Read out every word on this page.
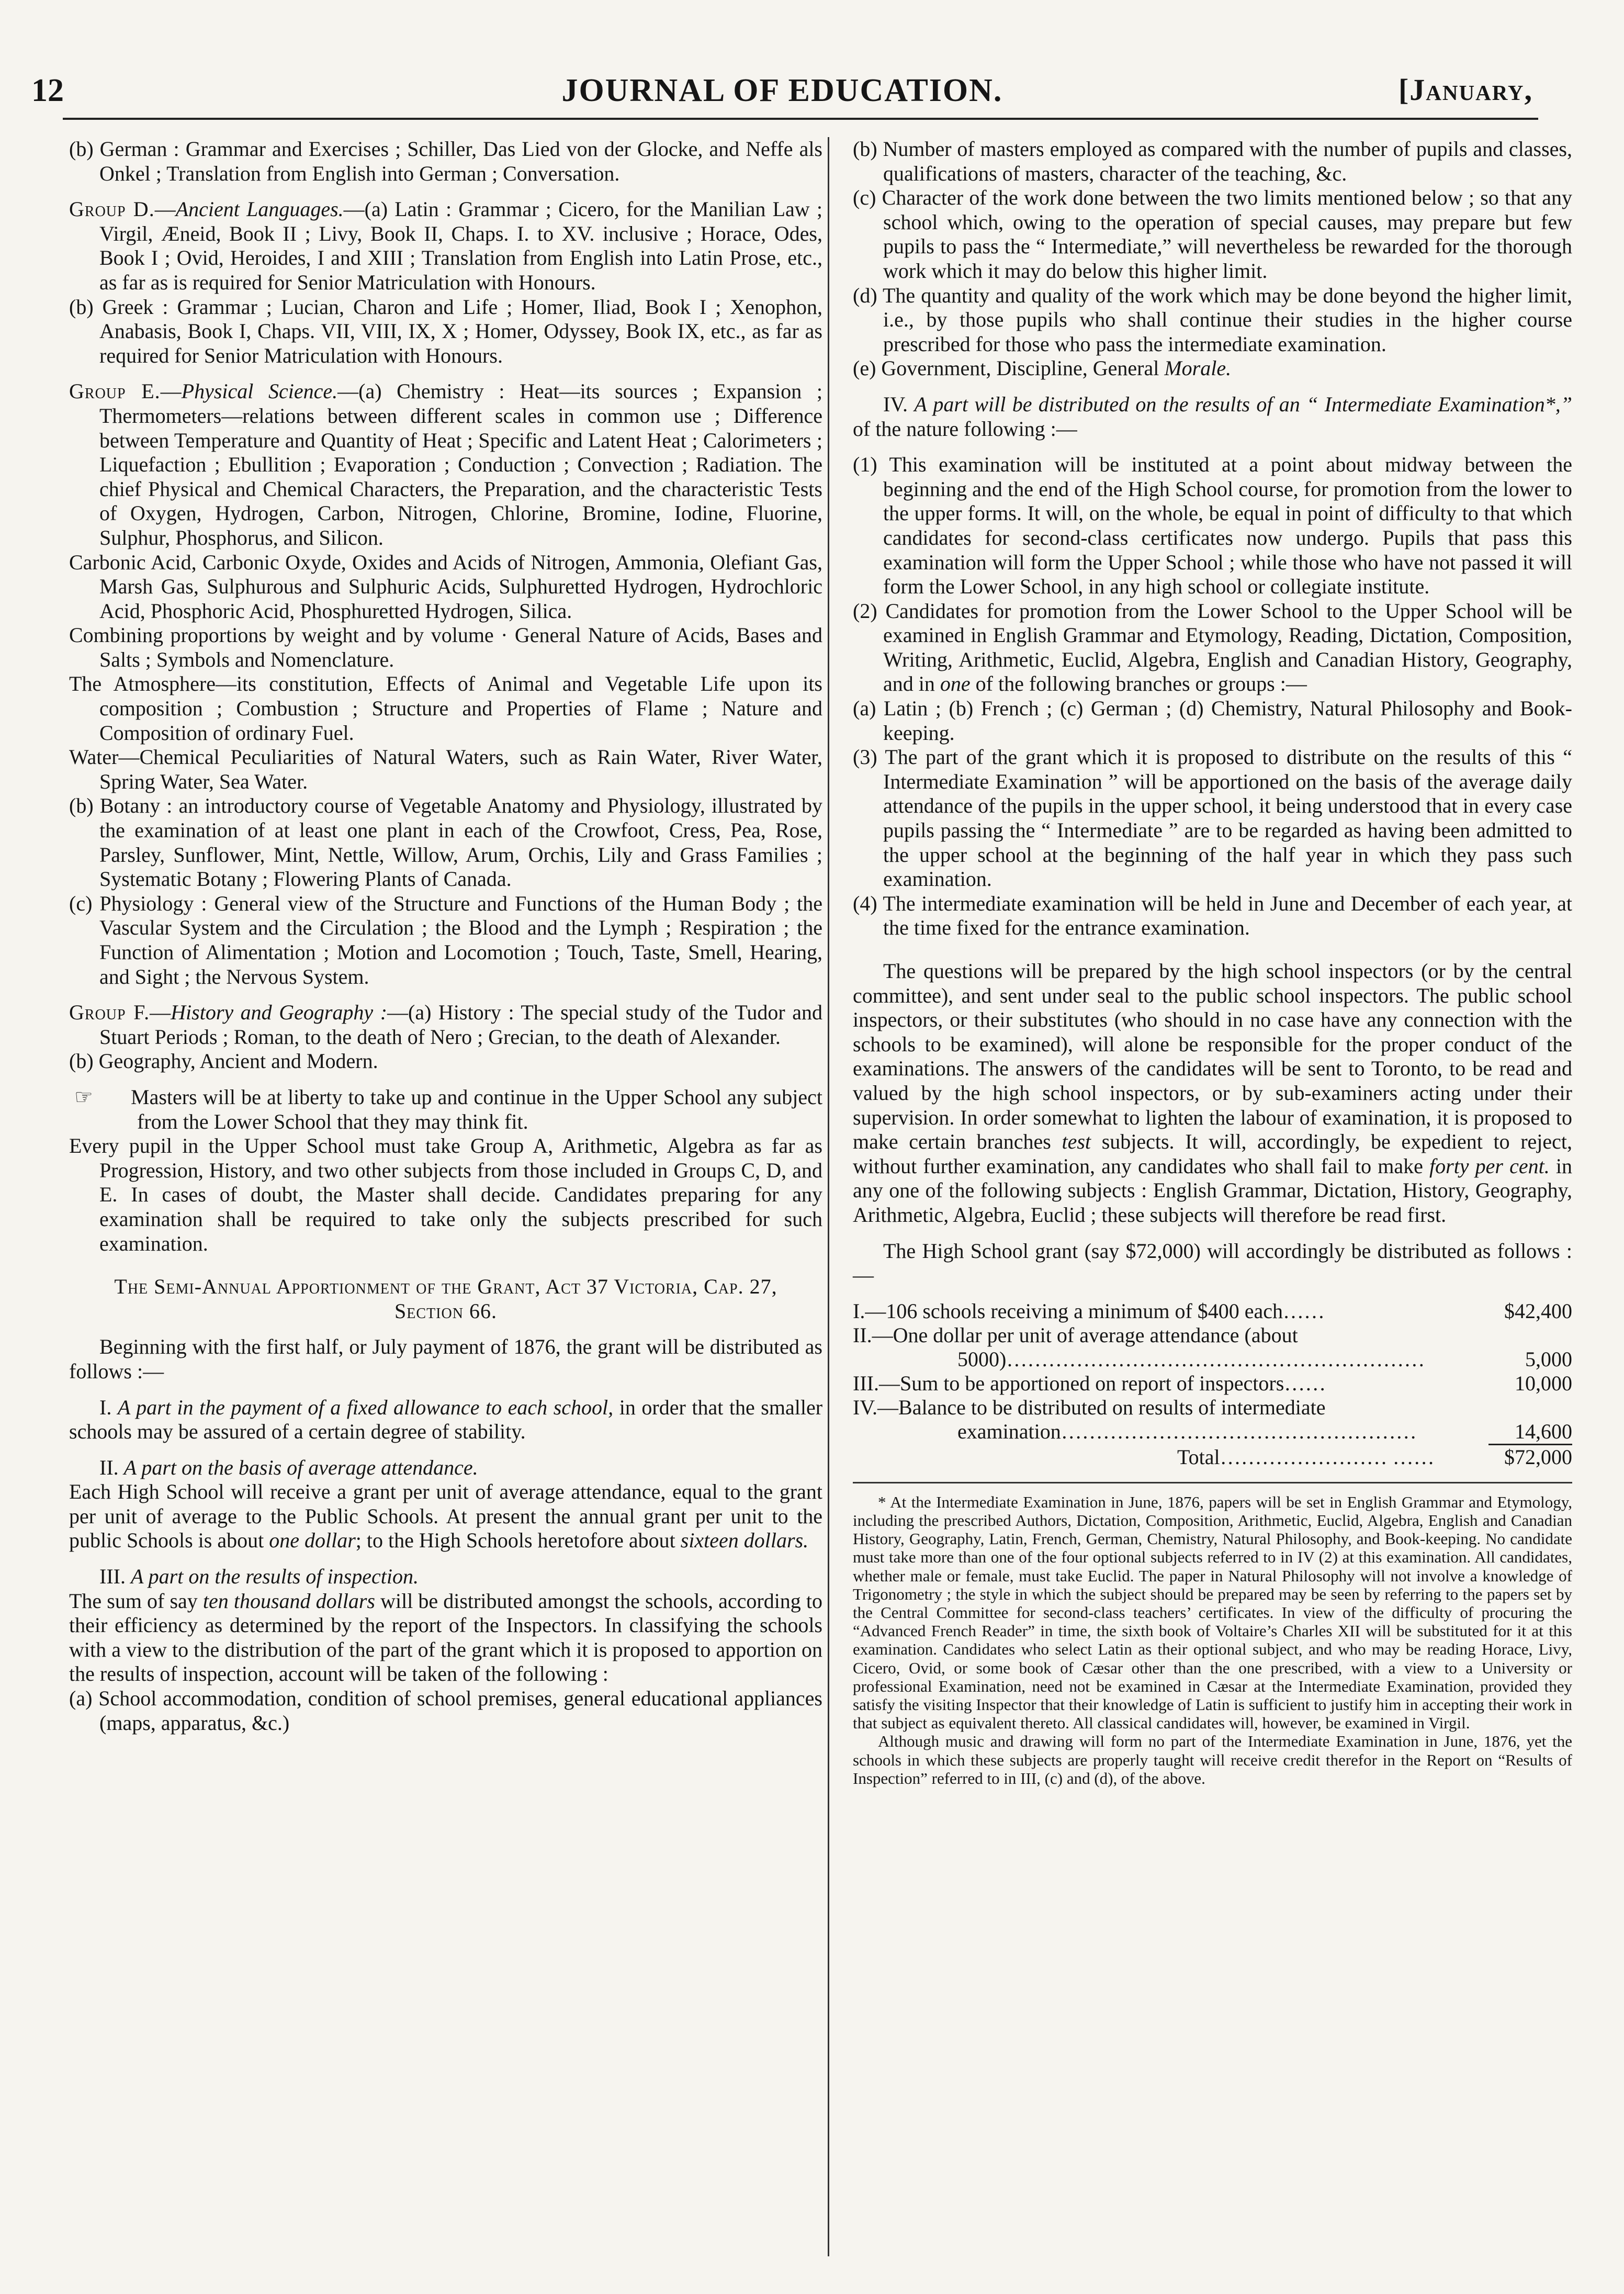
12	JOURNAL OF EDUCATION.	[January,

(b) German : Grammar and Exercises ; Schiller, Das Lied von der Glocke, and Neffe als Onkel ; Translation from English into German ; Conversation.

Group D.—Ancient Languages.—(a) Latin : Grammar ; Cicero, for the Manilian Law ; Virgil, Æneid, Book II ; Livy, Book II, Chaps. I. to XV. inclusive ; Horace, Odes, Book I ; Ovid, Heroides, I and XIII ; Translation from English into Latin Prose, etc., as far as is required for Senior Matriculation with Honours.

(b) Greek : Grammar ; Lucian, Charon and Life ; Homer, Iliad, Book I ; Xenophon, Anabasis, Book I, Chaps. VII, VIII, IX, X ; Homer, Odyssey, Book IX, etc., as far as required for Senior Matriculation with Honours.

Group E.—Physical Science.—(a) Chemistry : Heat—its sources ; Expansion ; Thermometers—relations between different scales in common use ; Difference between Temperature and Quantity of Heat ; Specific and Latent Heat ; Calorimeters ; Liquefaction ; Ebullition ; Evaporation ; Conduction ; Convection ; Radiation. The chief Physical and Chemical Characters, the Preparation, and the characteristic Tests of Oxygen, Hydrogen, Carbon, Nitrogen, Chlorine, Bromine, Iodine, Fluorine, Sulphur, Phosphorus, and Silicon.

Carbonic Acid, Carbonic Oxyde, Oxides and Acids of Nitrogen, Ammonia, Olefiant Gas, Marsh Gas, Sulphurous and Sulphuric Acids, Sulphuretted Hydrogen, Hydrochloric Acid, Phosphoric Acid, Phosphuretted Hydrogen, Silica.

Combining proportions by weight and by volume · General Nature of Acids, Bases and Salts ; Symbols and Nomenclature.

The Atmosphere—its constitution, Effects of Animal and Vegetable Life upon its composition ; Combustion ; Structure and Properties of Flame ; Nature and Composition of ordinary Fuel.

Water—Chemical Peculiarities of Natural Waters, such as Rain Water, River Water, Spring Water, Sea Water.

(b) Botany : an introductory course of Vegetable Anatomy and Physiology, illustrated by the examination of at least one plant in each of the Crowfoot, Cress, Pea, Rose, Parsley, Sunflower, Mint, Nettle, Willow, Arum, Orchis, Lily and Grass Families ; Systematic Botany ; Flowering Plants of Canada.

(c) Physiology : General view of the Structure and Functions of the Human Body ; the Vascular System and the Circulation ; the Blood and the Lymph ; Respiration ; the Function of Alimentation ; Motion and Locomotion ; Touch, Taste, Smell, Hearing, and Sight ; the Nervous System.

Group F.—History and Geography :—(a) History : The special study of the Tudor and Stuart Periods ; Roman, to the death of Nero ; Grecian, to the death of Alexander.

(b) Geography, Ancient and Modern.

☞ Masters will be at liberty to take up and continue in the Upper School any subject from the Lower School that they may think fit.

Every pupil in the Upper School must take Group A, Arithmetic, Algebra as far as Progression, History, and two other subjects from those included in Groups C, D, and E. In cases of doubt, the Master shall decide. Candidates preparing for any examination shall be required to take only the subjects prescribed for such examination.

The Semi-Annual Apportionment of the Grant, Act 37 Victoria, Cap. 27, Section 66.

Beginning with the first half, or July payment of 1876, the grant will be distributed as follows :—

I. A part in the payment of a fixed allowance to each school, in order that the smaller schools may be assured of a certain degree of stability.

II. A part on the basis of average attendance.

Each High School will receive a grant per unit of average attendance, equal to the grant per unit of average to the Public Schools. At present the annual grant per unit to the public Schools is about one dollar; to the High Schools heretofore about sixteen dollars.

III. A part on the results of inspection.

The sum of say ten thousand dollars will be distributed amongst the schools, according to their efficiency as determined by the report of the Inspectors. In classifying the schools with a view to the distribution of the part of the grant which it is proposed to apportion on the results of inspection, account will be taken of the following :

(a) School accommodation, condition of school premises, general educational appliances (maps, apparatus, &c.)

(b) Number of masters employed as compared with the number of pupils and classes, qualifications of masters, character of the teaching, &c.

(c) Character of the work done between the two limits mentioned below ; so that any school which, owing to the operation of special causes, may prepare but few pupils to pass the “ Intermediate,” will nevertheless be rewarded for the thorough work which it may do below this higher limit.

(d) The quantity and quality of the work which may be done beyond the higher limit, i.e., by those pupils who shall continue their studies in the higher course prescribed for those who pass the intermediate examination.

(e) Government, Discipline, General Morale.

IV. A part will be distributed on the results of an “ Intermediate Examination*,” of the nature following :—

(1) This examination will be instituted at a point about midway between the beginning and the end of the High School course, for promotion from the lower to the upper forms. It will, on the whole, be equal in point of difficulty to that which candidates for second-class certificates now undergo. Pupils that pass this examination will form the Upper School ; while those who have not passed it will form the Lower School, in any high school or collegiate institute.

(2) Candidates for promotion from the Lower School to the Upper School will be examined in English Grammar and Etymology, Reading, Dictation, Composition, Writing, Arithmetic, Euclid, Algebra, English and Canadian History, Geography, and in one of the following branches or groups :—

(a) Latin ; (b) French ; (c) German ; (d) Chemistry, Natural Philosophy and Book-keeping.

(3) The part of the grant which it is proposed to distribute on the results of this “ Intermediate Examination ” will be apportioned on the basis of the average daily attendance of the pupils in the upper school, it being understood that in every case pupils passing the “ Intermediate ” are to be regarded as having been admitted to the upper school at the beginning of the half year in which they pass such examination.

(4) The intermediate examination will be held in June and December of each year, at the time fixed for the entrance examination.

The questions will be prepared by the high school inspectors (or by the central committee), and sent under seal to the public school inspectors. The public school inspectors, or their substitutes (who should in no case have any connection with the schools to be examined), will alone be responsible for the proper conduct of the examinations. The answers of the candidates will be sent to Toronto, to be read and valued by the high school inspectors, or by sub-examiners acting under their supervision. In order somewhat to lighten the labour of examination, it is proposed to make certain branches test subjects. It will, accordingly, be expedient to reject, without further examination, any candidates who shall fail to make forty per cent. in any one of the following subjects : English Grammar, Dictation, History, Geography, Arithmetic, Algebra, Euclid ; these subjects will therefore be read first.

The High School grant (say $72,000) will accordingly be distributed as follows :—

I.—106 schools receiving a minimum of $400 each……	$42,400
II.—One dollar per unit of average attendance (about	
5000)……………………………………………………	5,000
III.—Sum to be apportioned on report of inspectors……	10,000
IV.—Balance to be distributed on results of intermediate	
examination……………………………………………	14,600
Total…………………… ……	$72,000

* At the Intermediate Examination in June, 1876, papers will be set in English Grammar and Etymology, including the prescribed Authors, Dictation, Composition, Arithmetic, Euclid, Algebra, English and Canadian History, Geography, Latin, French, German, Chemistry, Natural Philosophy, and Book-keeping. No candidate must take more than one of the four optional subjects referred to in IV (2) at this examination. All candidates, whether male or female, must take Euclid. The paper in Natural Philosophy will not involve a knowledge of Trigonometry ; the style in which the subject should be prepared may be seen by referring to the papers set by the Central Committee for second-class teachers’ certificates. In view of the difficulty of procuring the “Advanced French Reader” in time, the sixth book of Voltaire’s Charles XII will be substituted for it at this examination. Candidates who select Latin as their optional subject, and who may be reading Horace, Livy, Cicero, Ovid, or some book of Cæsar other than the one prescribed, with a view to a University or professional Examination, need not be examined in Cæsar at the Intermediate Examination, provided they satisfy the visiting Inspector that their knowledge of Latin is sufficient to justify him in accepting their work in that subject as equivalent thereto. All classical candidates will, however, be examined in Virgil.

Although music and drawing will form no part of the Intermediate Examination in June, 1876, yet the schools in which these subjects are properly taught will receive credit therefor in the Report on “Results of Inspection” referred to in III, (c) and (d), of the above.
